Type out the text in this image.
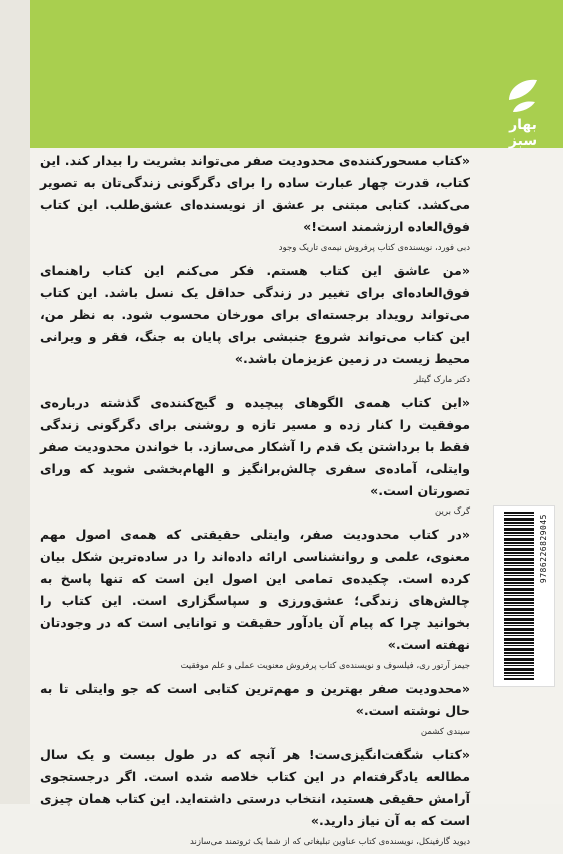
بهار سبز

«کتاب مسحورکننده‌ی محدودیت صفر می‌تواند بشریت را بیدار کند. این کتاب، قدرت چهار عبارت ساده را برای دگرگونی زندگی‌تان به تصویر می‌کشد. کتابی مبتنی بر عشق از نویسنده‌ای عشق‌طلب. این کتاب فوق‌العاده ارزشمند است!»

دبی فورد، نویسنده‌ی کتاب پرفروش نیمه‌ی تاریک وجود

«من عاشق این کتاب هستم. فکر می‌کنم این کتاب راهنمای فوق‌العاده‌ای برای تغییر در زندگی حداقل یک نسل باشد. این کتاب می‌تواند رویداد برجسته‌ای برای مورخان محسوب شود. به نظر من، این کتاب می‌تواند شروع جنبشی برای پایان به جنگ، فقر و ویرانی محیط زیست در زمین عزیزمان باشد.»

دکتر مارک گیتلر

«این کتاب همه‌ی الگوهای پیچیده و گیج‌کننده‌ی گذشته درباره‌ی موفقیت را کنار زده و مسیر تازه و روشنی برای دگرگونی زندگی فقط با برداشتن یک قدم را آشکار می‌سازد. با خواندن محدودیت صفر وایتلی، آماده‌ی سفری چالش‌برانگیز و الهام‌بخشی شوید که ورای تصورتان است.»

گرگ برین

«در کتاب محدودیت صفر، وایتلی حقیقتی که همه‌ی اصول مهم معنوی، علمی و روانشناسی ارائه داده‌اند را در ساده‌ترین شکل بیان کرده است. چکیده‌ی تمامی این اصول این است که تنها پاسخ به چالش‌های زندگی؛ عشق‌ورزی و سپاسگزاری است. این کتاب را بخوانید چرا که پیام آن یادآور حقیقت و توانایی است که در وجودتان نهفته است.»

جیمز آرتور ری، فیلسوف و نویسنده‌ی کتاب پرفروش معنویت عملی و علم موفقیت

«محدودیت صفر بهترین و مهم‌ترین کتابی است که جو وایتلی تا به حال نوشته است.»

سیندی کشمن

«کتاب شگفت‌انگیزی‌ست! هر آنچه که در طول بیست و یک سال مطالعه یادگرفته‌ام در این کتاب خلاصه شده است. اگر درجستجوی آرامش حقیقی هستید، انتخاب درستی داشته‌اید. این کتاب همان چیزی است که به آن نیاز دارید.»

دیوید گارفینکل، نویسنده‌ی کتاب عناوین تبلیغاتی که از شما یک ثروتمند می‌سازند

9786226829045
